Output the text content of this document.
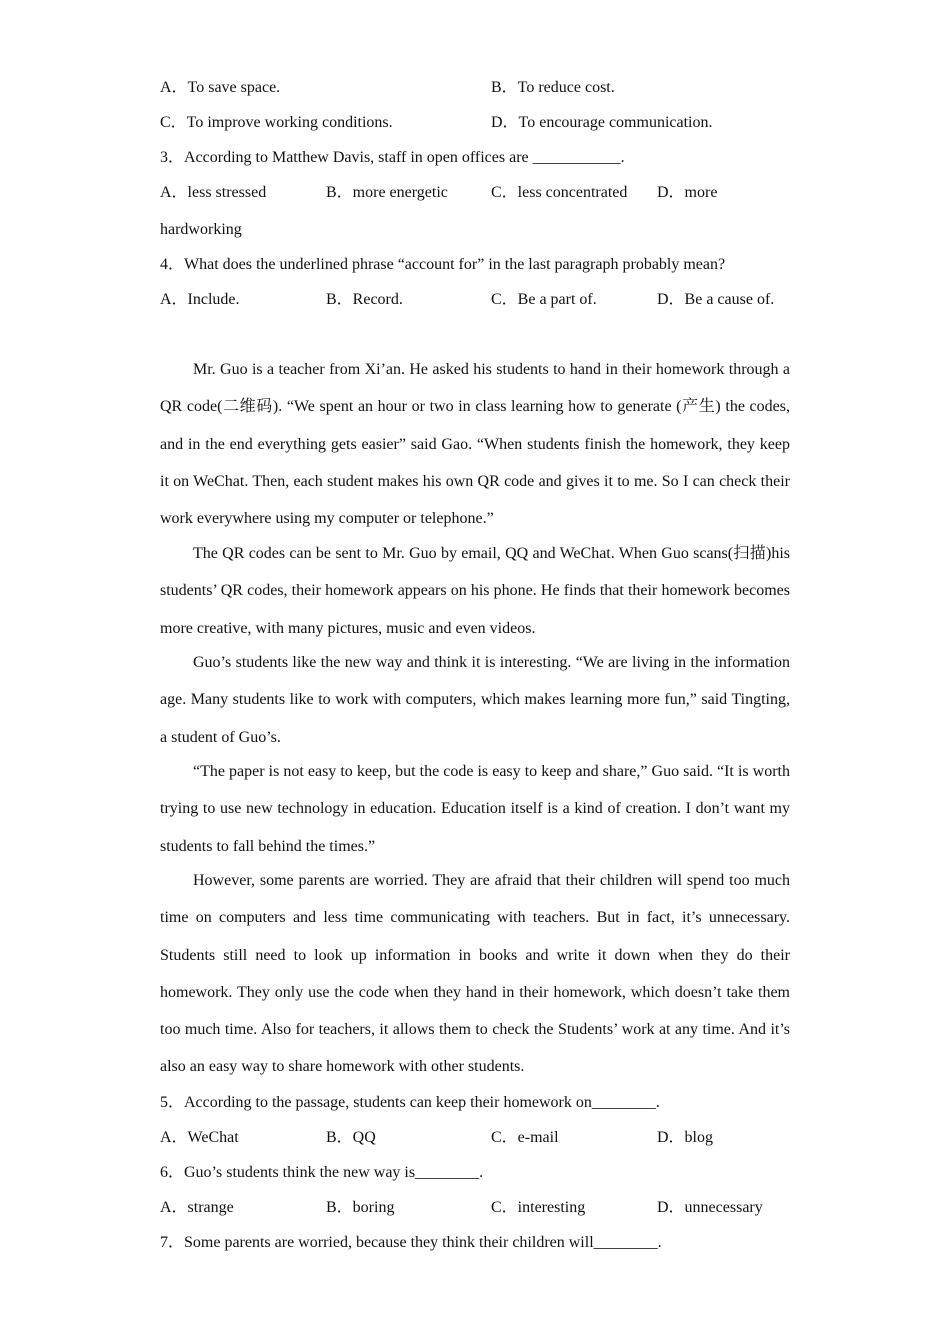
A．To save space.	B．To reduce cost.
C．To improve working conditions.	D．To encourage communication.
3．According to Matthew Davis, staff in open offices are ___________.
A．less stressed	B．more energetic	C．less concentrated D．more
hardworking
4．What does the underlined phrase “account for” in the last paragraph probably mean?
A．Include.	B．Record.	C．Be a part of.	D．Be a cause of.

Mr. Guo is a teacher from Xi’an. He asked his students to hand in their homework through a QR code(二维码). “We spent an hour or two in class learning how to generate (产生) the codes, and in the end everything gets easier” said Gao. “When students finish the homework, they keep it on WeChat. Then, each student makes his own QR code and gives it to me. So I can check their work everywhere using my computer or telephone.”

The QR codes can be sent to Mr. Guo by email, QQ and WeChat. When Guo scans(扫描)his students’ QR codes, their homework appears on his phone. He finds that their homework becomes more creative, with many pictures, music and even videos.

Guo’s students like the new way and think it is interesting. “We are living in the information age. Many students like to work with computers, which makes learning more fun,” said Tingting, a student of Guo’s.

“The paper is not easy to keep, but the code is easy to keep and share,” Guo said. “It is worth trying to use new technology in education. Education itself is a kind of creation. I don’t want my students to fall behind the times.”

However, some parents are worried. They are afraid that their children will spend too much time on computers and less time communicating with teachers. But in fact, it’s unnecessary. Students still need to look up information in books and write it down when they do their homework. They only use the code when they hand in their homework, which doesn’t take them too much time. Also for teachers, it allows them to check the Students’ work at any time. And it’s also an easy way to share homework with other students.

5．According to the passage, students can keep their homework on________.
A．WeChat	B．QQ	C．e-mail	D．blog
6．Guo’s students think the new way is________.
A．strange	B．boring	C．interesting	D．unnecessary
7．Some parents are worried, because they think their children will________.
